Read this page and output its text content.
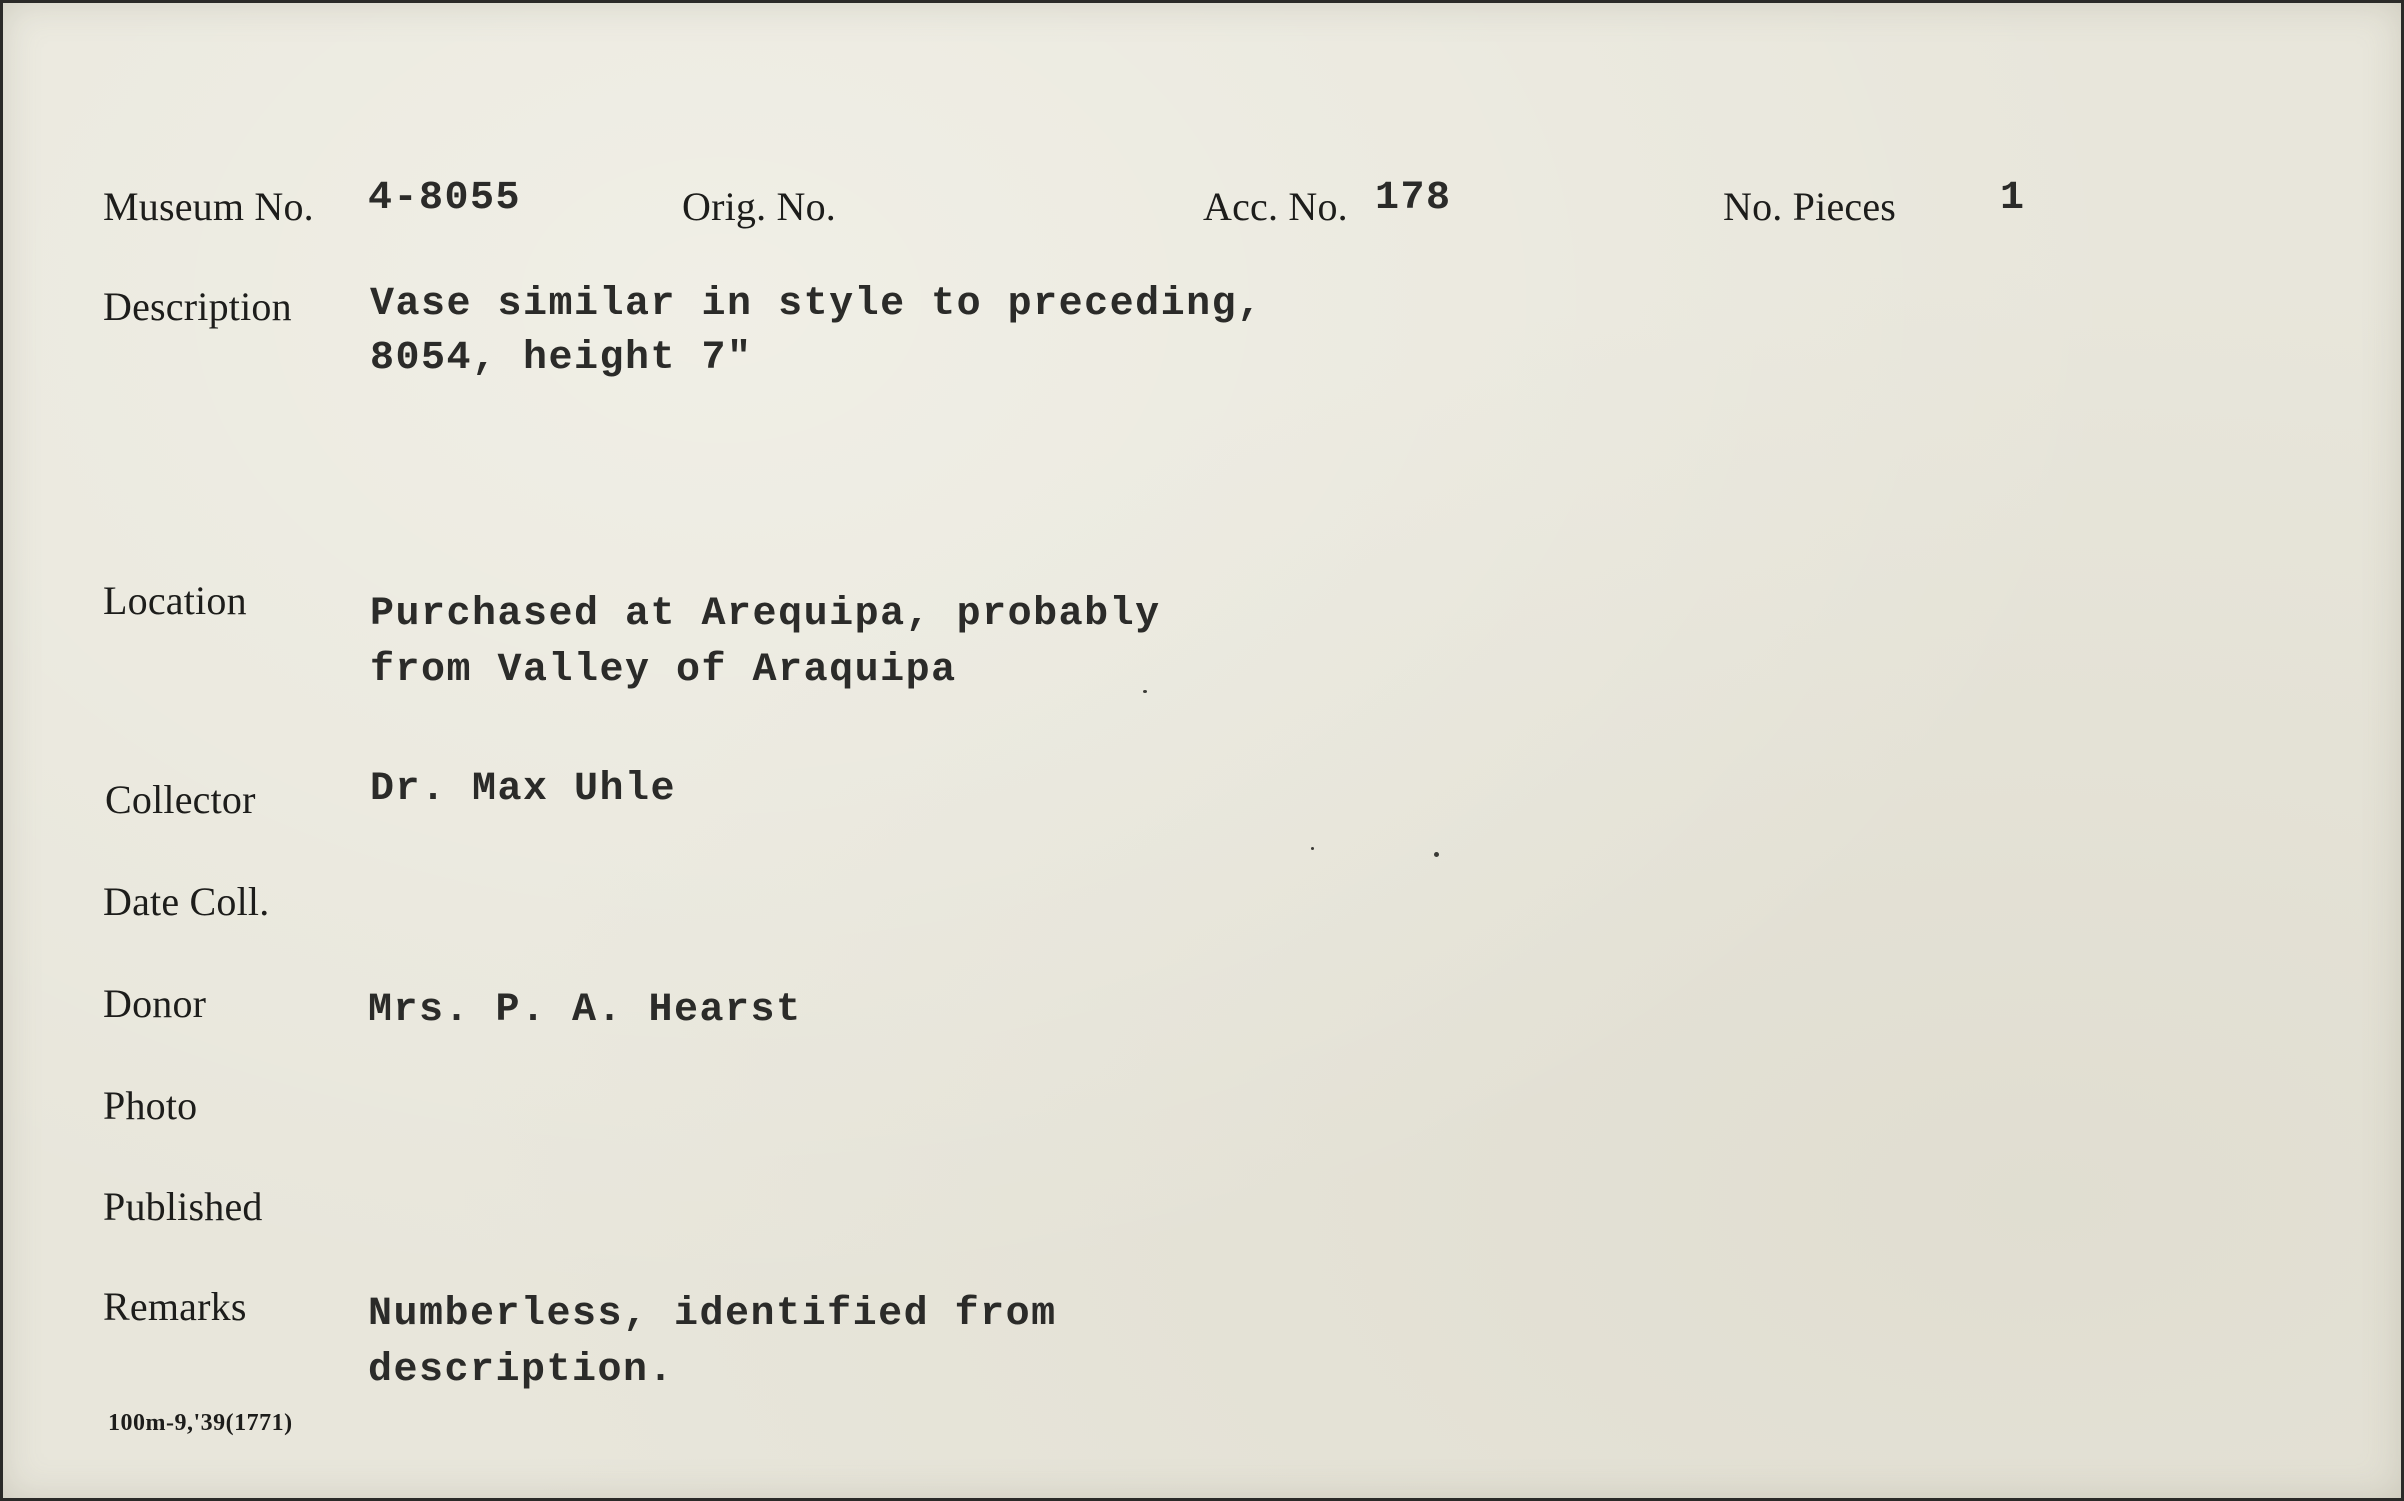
Museum No. 4-8055	Orig. No.	Acc. No. 178	No. Pieces	1
Description Vase similar in style to preceding,
8054, height 7"
Location	Purchased at Arequipa, probably
from Valley of Araquipa
Collector	Dr. Max Uhle
Date Coll.
Donor	Mrs. P. A. Hearst
Photo
Published
Remarks	Numberless, identified from
description.
100m-9,'39(1771)
